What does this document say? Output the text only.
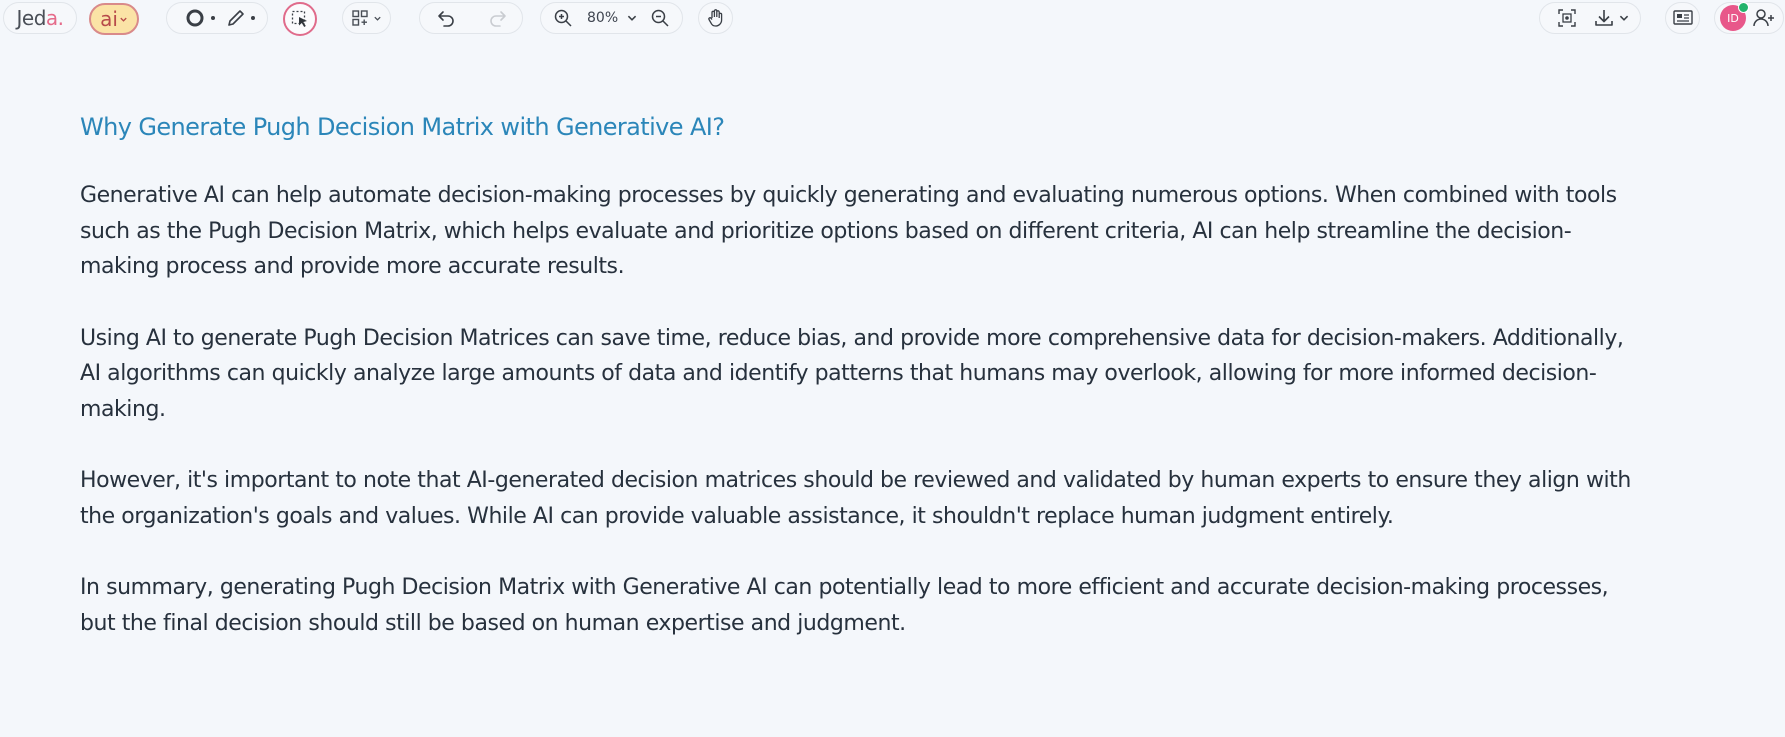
Jed a. ai	80%	ID
Why Generate Pugh Decision Matrix with Generative AI?

Generative AI can help automate decision-making processes by quickly generating and evaluating numerous options. When combined with tools such as the Pugh Decision Matrix, which helps evaluate and prioritize options based on different criteria, AI can help streamline the decision-making process and provide more accurate results.

Using AI to generate Pugh Decision Matrices can save time, reduce bias, and provide more comprehensive data for decision-makers. Additionally, AI algorithms can quickly analyze large amounts of data and identify patterns that humans may overlook, allowing for more informed decision-making.

However, it's important to note that AI-generated decision matrices should be reviewed and validated by human experts to ensure they align with the organization's goals and values. While AI can provide valuable assistance, it shouldn't replace human judgment entirely.

In summary, generating Pugh Decision Matrix with Generative AI can potentially lead to more efficient and accurate decision-making processes, but the final decision should still be based on human expertise and judgment.
